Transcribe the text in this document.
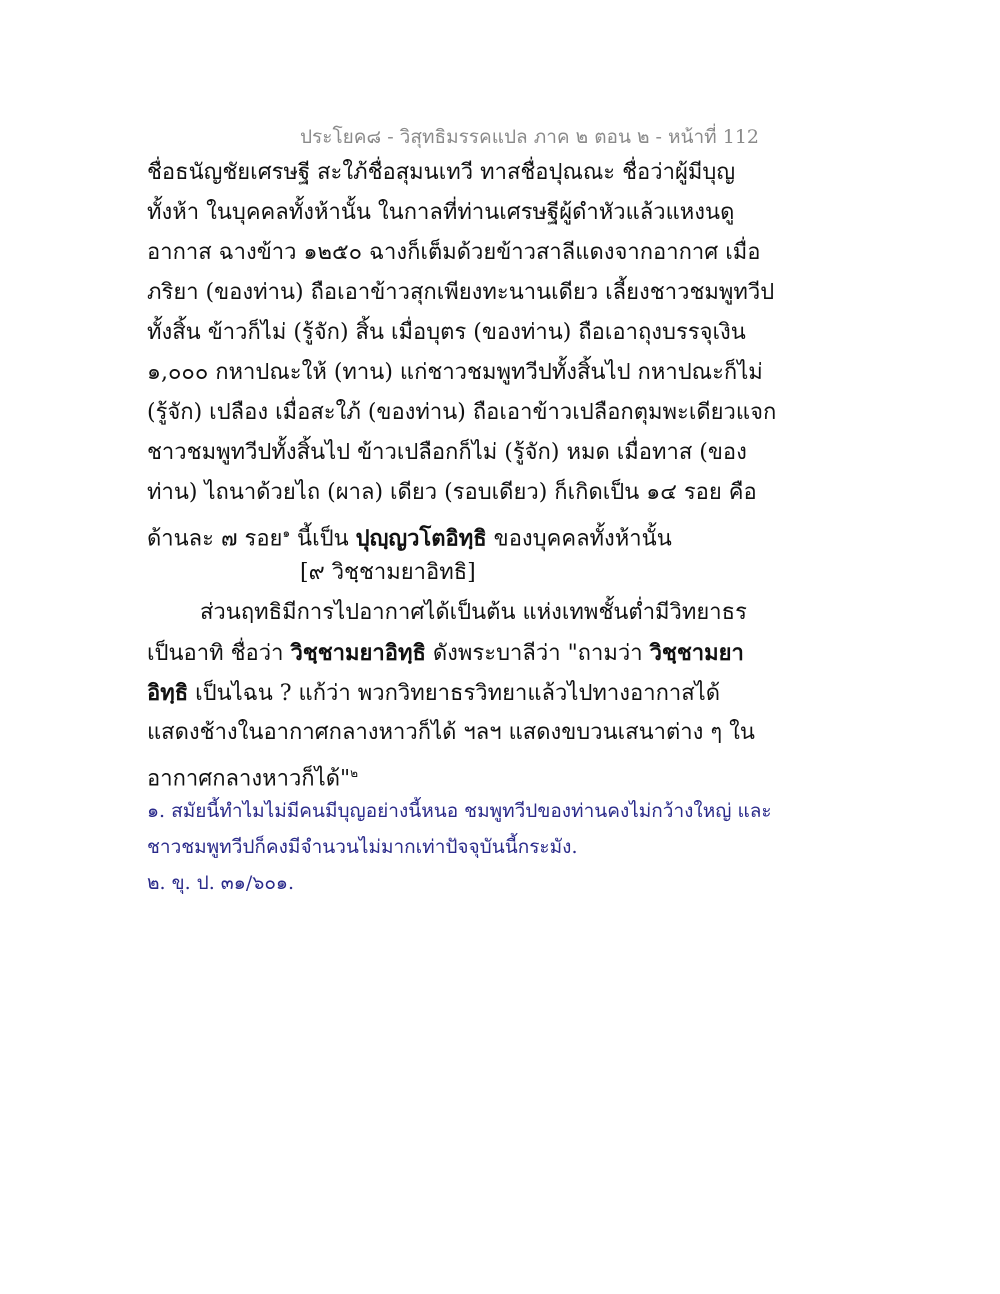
ประโยค๘ - วิสุทธิมรรคแปล ภาค ๒ ตอน ๒ - หน้าที่ 112
ชื่อธนัญชัยเศรษฐี สะใภ้ชื่อสุมนเทวี ทาสชื่อปุณณะ ชื่อว่าผู้มีบุญ
ทั้งห้า ในบุคคลทั้งห้านั้น ในกาลที่ท่านเศรษฐีผู้ดำหัวแล้วแหงนดู
อากาส ฉางข้าว ๑๒๕๐ ฉางก็เต็มด้วยข้าวสาลีแดงจากอากาศ เมื่อ
ภริยา (ของท่าน) ถือเอาข้าวสุกเพียงทะนานเดียว เลี้ยงชาวชมพูทวีป
ทั้งสิ้น ข้าวก็ไม่ (รู้จัก) สิ้น เมื่อบุตร (ของท่าน) ถือเอาถุงบรรจุเงิน
๑,๐๐๐ กหาปณะให้ (ทาน) แก่ชาวชมพูทวีปทั้งสิ้นไป กหาปณะก็ไม่
(รู้จัก) เปลือง เมื่อสะใภ้ (ของท่าน) ถือเอาข้าวเปลือกตุมพะเดียวแจก
ชาวชมพูทวีปทั้งสิ้นไป ข้าวเปลือกก็ไม่ (รู้จัก) หมด เมื่อทาส (ของ
ท่าน) ไถนาด้วยไถ (ผาล) เดียว (รอบเดียว) ก็เกิดเป็น ๑๔ รอย คือ
ด้านละ ๗ รอย$^๑$ นี้เป็น ปุญฺญวโตอิทฺธิ ของบุคคลทั้งห้านั้น
[๙ วิชฺชามยาอิทธิ]
ส่วนฤทธิมีการไปอากาศได้เป็นต้น แห่งเทพชั้นต่ำมีวิทยาธร
เป็นอาทิ ชื่อว่า วิชฺชามยาอิทฺธิ ดังพระบาลีว่า "ถามว่า วิชฺชามยา
อิทฺธิ เป็นไฉน ? แก้ว่า พวกวิทยาธรวิทยาแล้วไปทางอากาสได้
แสดงช้างในอากาศกลางหาวก็ได้ ฯลฯ แสดงขบวนเสนาต่าง ๆ ใน
อากาศกลางหาวก็ได้"$^๒$
๑. สมัยนี้ทำไมไม่มีคนมีบุญอย่างนี้หนอ ชมพูทวีปของท่านคงไม่กว้างใหญ่ และ
ชาวชมพูทวีปก็คงมีจำนวนไม่มากเท่าปัจจุบันนี้กระมัง.
๒. ขุ. ป. ๓๑/๖๐๑.
